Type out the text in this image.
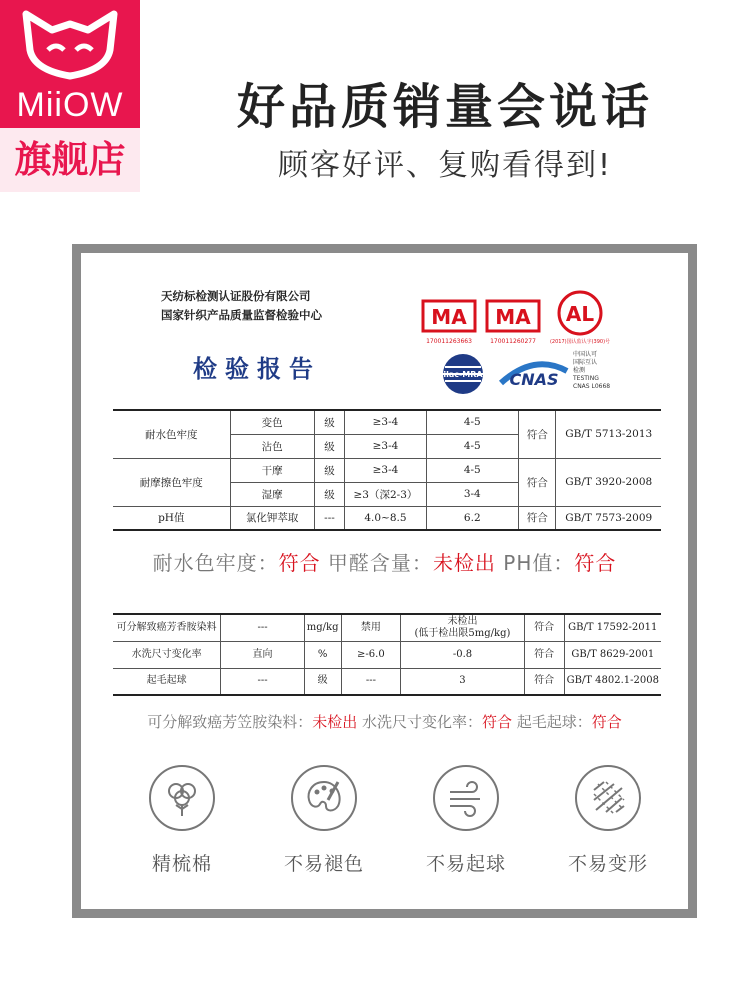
MiiOW
旗舰店
好品质销量会说话
顾客好评、复购看得到!
天纺标检测认证股份有限公司
国家针织产品质量监督检验中心
检验报告
MA
170011263663
MA
170011260277
AL
(2017)国认监认字(390)号
ilac-MRA CNAS
中国认可
国际互认
检测
TESTING
CNAS L0668
耐水色牢度	变色	级	≥3-4	4-5	符合	GB/T 5713-2013
	沾色	级	≥3-4	4-5		
耐摩擦色牢度	干摩	级	≥3-4	4-5	符合	GB/T 3920-2008
	湿摩	级	≥3（深2-3）	3-4		
pH值	氯化钾萃取	---	4.0~8.5	6.2	符合	GB/T 7573-2009
耐水色牢度：符合 甲醛含量：未检出 PH值：符合
可分解致癌芳香胺染料	---	mg/kg	禁用	未检出
(低于检出限5mg/kg)	符合	GB/T 17592-2011
水洗尺寸变化率	直向	%	≥-6.0	-0.8	符合	GB/T 8629-2001
起毛起球	---	级	---	3	符合	GB/T 4802.1-2008
可分解致癌芳笠胺染料：未检出 水洗尺寸变化率：符合 起毛起球：符合
精梳棉	不易褪色	不易起球	不易变形
